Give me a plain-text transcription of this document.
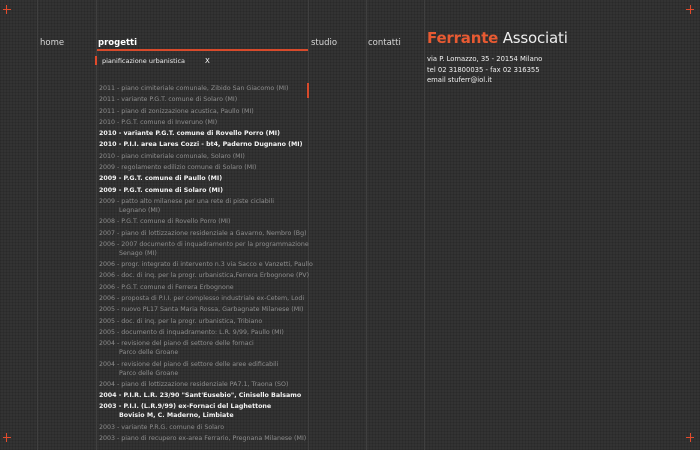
home	progetti	studio	contatti
pianificazione urbanistica	X
Ferrante Associati
via P. Lomazzo, 35 - 20154 Milano
tel 02 31800035 - fax 02 316355
email stuferr@iol.it
2011 - piano cimiteriale comunale, Zibido San Giacomo (MI)
2011 - variante P.G.T. comune di Solaro (MI)
2011 - piano di zonizzazione acustica, Paullo (MI)
2010 - P.G.T. comune di Inveruno (MI)
2010 - variante P.G.T. comune di Rovello Porro (MI)
2010 - P.I.I. area Lares Cozzi - bt4, Paderno Dugnano (MI)
2010 - piano cimiteriale comunale, Solaro (MI)
2009 - regolamento edilizio comune di Solaro (MI)
2009 - P.G.T. comune di Paullo (MI)
2009 - P.G.T. comune di Solaro (MI)
2009 - patto alto milanese per una rete di piste ciclabili
Legnano (MI)
2008 - P.G.T. comune di Rovello Porro (MI)
2007 - piano di lottizzazione residenziale a Gavarno, Nembro (Bg)
2006 - 2007 documento di inquadramento per la programmazione
Senago (MI)
2006 - progr. integrato di intervento n.3 via Sacco e Vanzetti, Paullo
2006 - doc. di inq. per la progr. urbanistica,Ferrera Erbognone (PV)
2006 - P.G.T. comune di Ferrera Erbognone
2006 - proposta di P.I.I. per complesso industriale ex-Cetem, Lodi
2005 - nuovo PL17 Santa Maria Rossa, Garbagnate Milanese (MI)
2005 - doc. di inq. per la progr. urbanistica, Tribiano
2005 - documento di inquadramento: L.R. 9/99, Paullo (MI)
2004 - revisione del piano di settore delle fornaci
Parco delle Groane
2004 - revisione del piano di settore delle aree edificabili
Parco delle Groane
2004 - piano di lottizzazione residenziale PA7.1, Traona (SO)
2004 - P.I.R. L.R. 23/90 "Sant'Eusebio", Cinisello Balsamo
2003 - P.I.I. (L.R.9/99) ex-Fornaci del Laghettone
Bovisio M, C. Maderno, Limbiate
2003 - variante P.R.G. comune di Solaro
2003 - piano di recupero ex-area Ferrario, Pregnana Milanese (MI)
